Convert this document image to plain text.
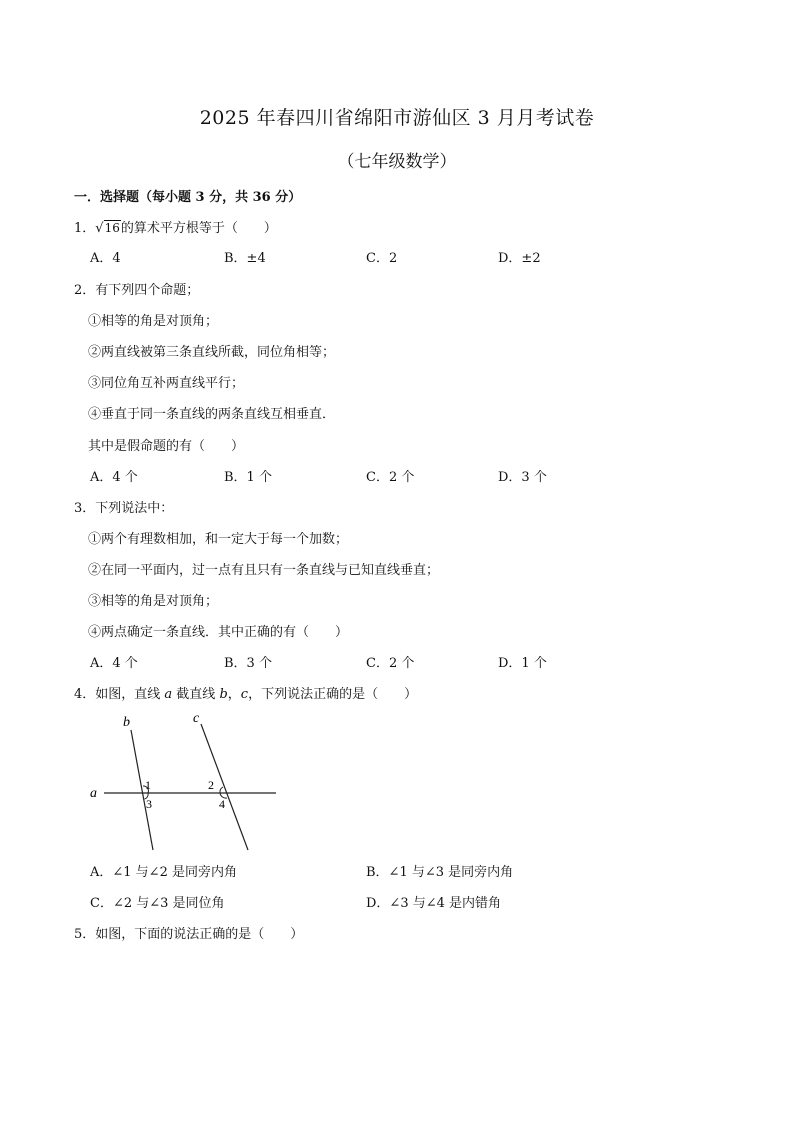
2025 年春四川省绵阳市游仙区 3 月月考试卷
（七年级数学）
一．选择题（每小题 3 分，共 36 分）
1．√16的算术平方根等于（　　）
A．4	B．±4	C．2	D．±2
2．有下列四个命题；
①相等的角是对顶角；
②两直线被第三条直线所截，同位角相等；
③同位角互补两直线平行；
④垂直于同一条直线的两条直线互相垂直．
其中是假命题的有（　　）
A．4 个	B．1 个	C．2 个	D．3 个
3．下列说法中：
①两个有理数相加，和一定大于每一个加数；
②在同一平面内，过一点有且只有一条直线与已知直线垂直；
③相等的角是对顶角；
④两点确定一条直线．其中正确的有（　　）
A．4 个	B．3 个	C．2 个	D．1 个
4．如图，直线 a 截直线 b，c，下列说法正确的是（　　）
a
b	c
1
3
2
4
A．∠1 与∠2 是同旁内角	B．∠1 与∠3 是同旁内角
C．∠2 与∠3 是同位角	D．∠3 与∠4 是内错角
5．如图，下面的说法正确的是（　　）
